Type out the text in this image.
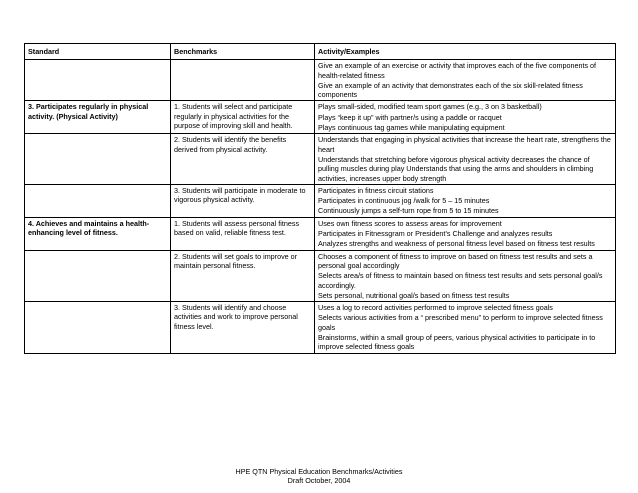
Standard	Benchmarks	Activity/Examples

		Give an example of an exercise or activity that improves each of the five components of health-related fitness
Give an example of an activity that demonstrates each of the six skill-related fitness components

3. Participates regularly in physical activity. (Physical Activity)	1. Students will select and participate regularly in physical activities for the purpose of improving skill and health.	Plays small-sided, modified team sport games (e.g., 3 on 3 basketball)
Plays “keep it up” with partner/s using a paddle or racquet
Plays continuous tag games while manipulating equipment

	2. Students will identify the benefits derived from physical activity.	Understands that engaging in physical activities that increase the heart rate, strengthens the heart
Understands that stretching before vigorous physical activity decreases the chance of pulling muscles during play Understands that using the arms and shoulders in climbing activities, increases upper body strength

	3. Students will participate in moderate to vigorous physical activity.	Participates in fitness circuit stations
Participates in continuous jog /walk for 5 – 15 minutes
Continuously jumps a self-turn rope from 5 to 15 minutes

4. Achieves and maintains a health-enhancing level of fitness.	1. Students will assess personal fitness based on valid, reliable fitness test.	Uses own fitness scores to assess areas for improvement
Participates in Fitnessgram or President’s Challenge and analyzes results
Analyzes strengths and weakness of personal fitness level based on fitness test results

	2. Students will set goals to improve or maintain personal fitness.	Chooses a component of fitness to improve on based on fitness test results and sets a personal goal accordingly
Selects area/s of fitness to maintain based on fitness test results and sets personal goal/s accordingly.
Sets personal, nutritional goal/s based on fitness test results

	3. Students will identify and choose activities and work to improve personal fitness level.	Uses a log to record activities performed to improve selected fitness goals
Selects various activities from a “ prescribed menu” to perform to improve selected fitness goals
Brainstorms, within a small group of peers, various physical activities to participate in to improve selected fitness goals
HPE QTN Physical Education Benchmarks/Activities
Draft October, 2004
